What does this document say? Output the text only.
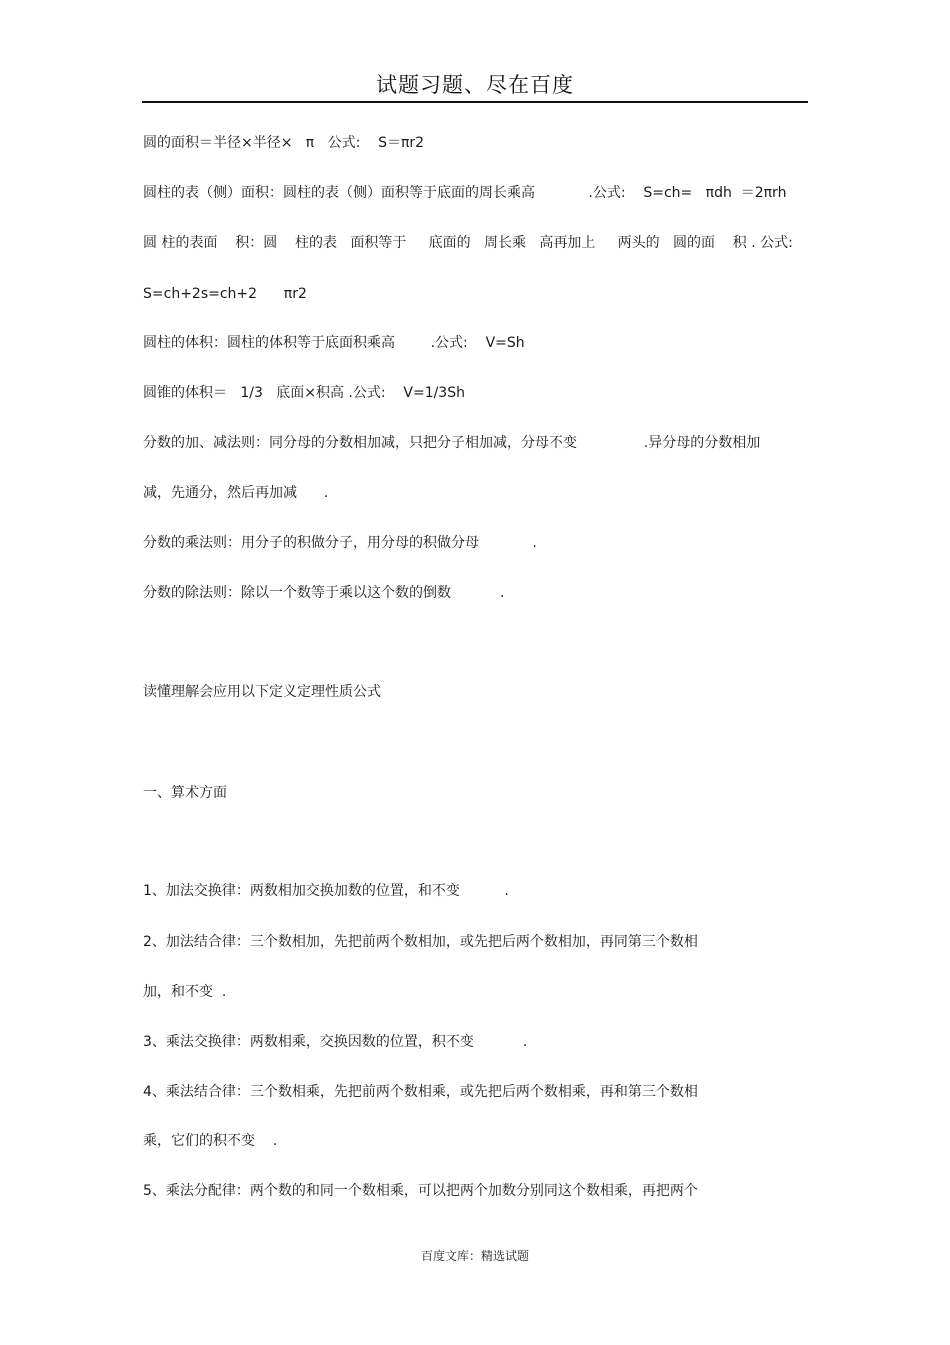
试题习题、尽在百度
圆的面积＝半径×半径×   π   公式:    S＝πr2
圆柱的表（侧）面积：圆柱的表（侧）面积等于底面的周长乘高            .公式:    S=ch=   πdh  ＝2πrh
圆 柱的表面    积：圆    柱的表   面积等于     底面的   周长乘   高再加上     两头的   圆的面    积 . 公式:
S=ch+2s=ch+2      πr2
圆柱的体积：圆柱的体积等于底面积乘高        .公式:    V=Sh
圆锥的体积＝   1/3   底面×积高 .公式:    V=1/3Sh
分数的加、减法则：同分母的分数相加减，只把分子相加减，分母不变               .异分母的分数相加
减，先通分，然后再加减      .
分数的乘法则：用分子的积做分子，用分母的积做分母            .
分数的除法则：除以一个数等于乘以这个数的倒数           .
读懂理解会应用以下定义定理性质公式
一、算术方面
1、加法交换律：两数相加交换加数的位置，和不变          .
2、加法结合律：三个数相加，先把前两个数相加，或先把后两个数相加，再同第三个数相
加，和不变  .
3、乘法交换律：两数相乘，交换因数的位置，积不变           .
4、乘法结合律：三个数相乘，先把前两个数相乘，或先把后两个数相乘，再和第三个数相
乘，它们的积不变    .
5、乘法分配律：两个数的和同一个数相乘，可以把两个加数分别同这个数相乘，再把两个
百度文库：精选试题
